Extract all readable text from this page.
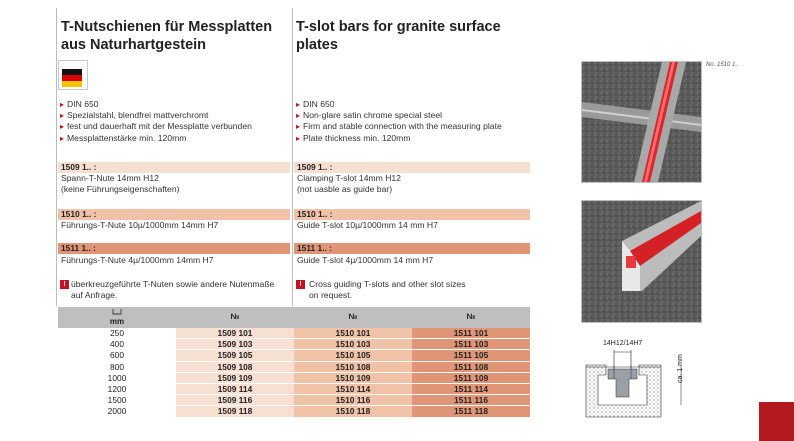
T-Nutschienen für Messplatten
aus Naturhartgestein
T-slot bars for granite surface
plates
▸ DIN 650
▸ Spezialstahl, blendfrei mattverchromt
▸ fest und dauerhaft mit der Messplatte verbunden
▸ Messplattenstärke min. 120mm
▸ DIN 650
▸ Non-glare satin chrome special steel
▸ Firm and stable connection with the measuring plate
▸ Plate thickness min. 120mm
1509 1.. :
Spann-T-Nute 14mm H12
(keine Führungseigenschaften)
1510 1.. :
Führungs-T-Nute 10µ/1000mm 14mm H7
1511 1.. :
Führungs-T-Nute 4µ/1000mm 14mm H7
1509 1.. :
Clamping T-slot 14mm H12
(not uasble as guide bar)
1510 1.. :
Guide T-slot 10µ/1000mm 14 mm H7
1511 1.. :
Guide T-slot 4µ/1000mm 14 mm H7
! überkreuzgeführte T-Nuten sowie andere Nutenmaße
auf Anfrage.
! Cross guiding T-slots and other slot sizes
on request.
mm	№	№	№
250	1509 101	1510 101	1511 101
400	1509 103	1510 103	1511 103
600	1509 105	1510 105	1511 105
800	1509 108	1510 108	1511 108
1000	1509 109	1510 109	1511 109
1200	1509 114	1510 114	1511 114
1500	1509 116	1510 116	1511 116
2000	1509 118	1510 118	1511 118
No. 1510 1..
14H12/14H7
ca. 1 mm
